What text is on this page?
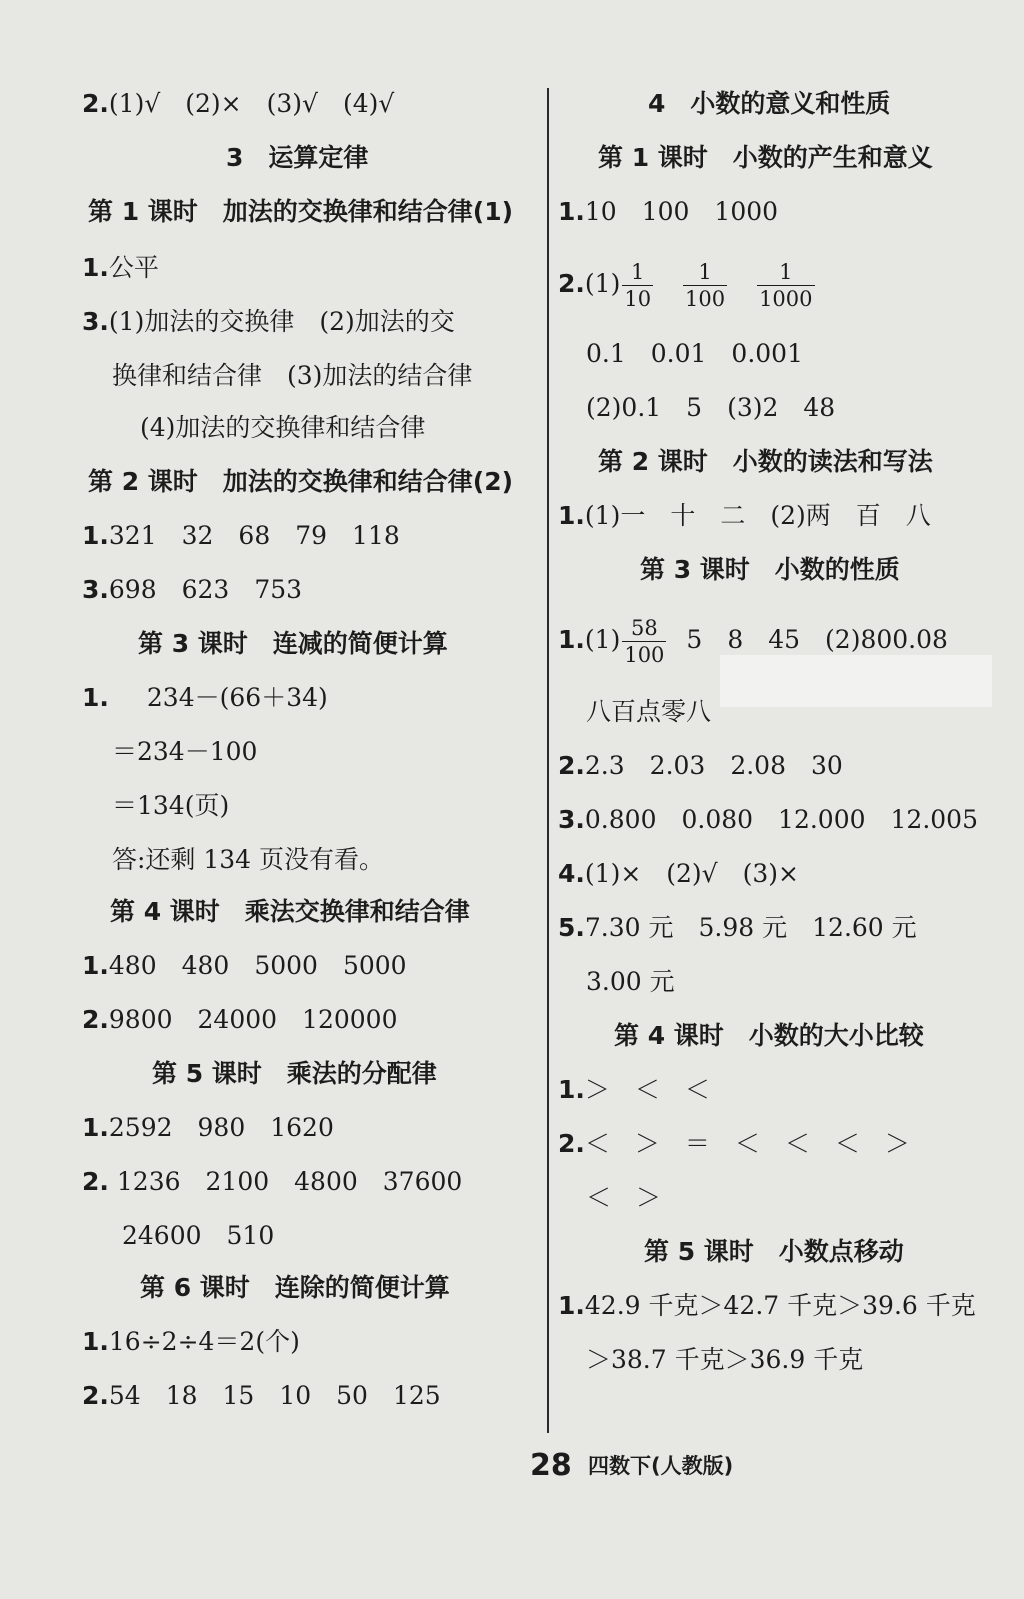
2.(1)√　(2)×　(3)√　(4)√
3　运算定律
第 1 课时　加法的交换律和结合律(1)
1.公平
3.(1)加法的交换律　(2)加法的交
换律和结合律　(3)加法的结合律
(4)加法的交换律和结合律
第 2 课时　加法的交换律和结合律(2)
1.321　32　68　79　118
3.698　623　753
第 3 课时　连减的简便计算
1. 234－(66＋34)
＝234－100
＝134(页)
答:还剩 134 页没有看。
第 4 课时　乘法交换律和结合律
1.480　480　5000　5000
2.9800　24000　120000
第 5 课时　乘法的分配律
1.2592　980　1620
2. 1236　2100　4800　37600
24600　510
第 6 课时　连除的简便计算
1.16÷2÷4＝2(个)
2.54　18　15　10　50　125
4　小数的意义和性质
第 1 课时　小数的产生和意义
1.10　100　1000
$2.(1) \frac{1}{10}$
$\frac{1}{100}$
$\frac{1}{1000}$
0.1　0.01　0.001
(2)0.1　5　(3)2　48
第 2 课时　小数的读法和写法
1.(1)一　十　二　(2)两　百　八
第 3 课时　小数的性质
$1.(1) \frac{58}{100} 5$　8　45　(2)800.08
八百点零八
2.2.3　2.03　2.08　30
3.0.800　0.080　12.000　12.005
4.(1)×　(2)√　(3)×
5.7.30 元　5.98 元　12.60 元
3.00 元
第 4 课时　小数的大小比较
1.＞　＜　＜
2.＜　＞　＝　＜　＜　＜　＞
＜　＞
第 5 课时　小数点移动
1.42.9 千克＞42.7 千克＞39.6 千克
＞38.7 千克＞36.9 千克
28 四数下(人教版)
